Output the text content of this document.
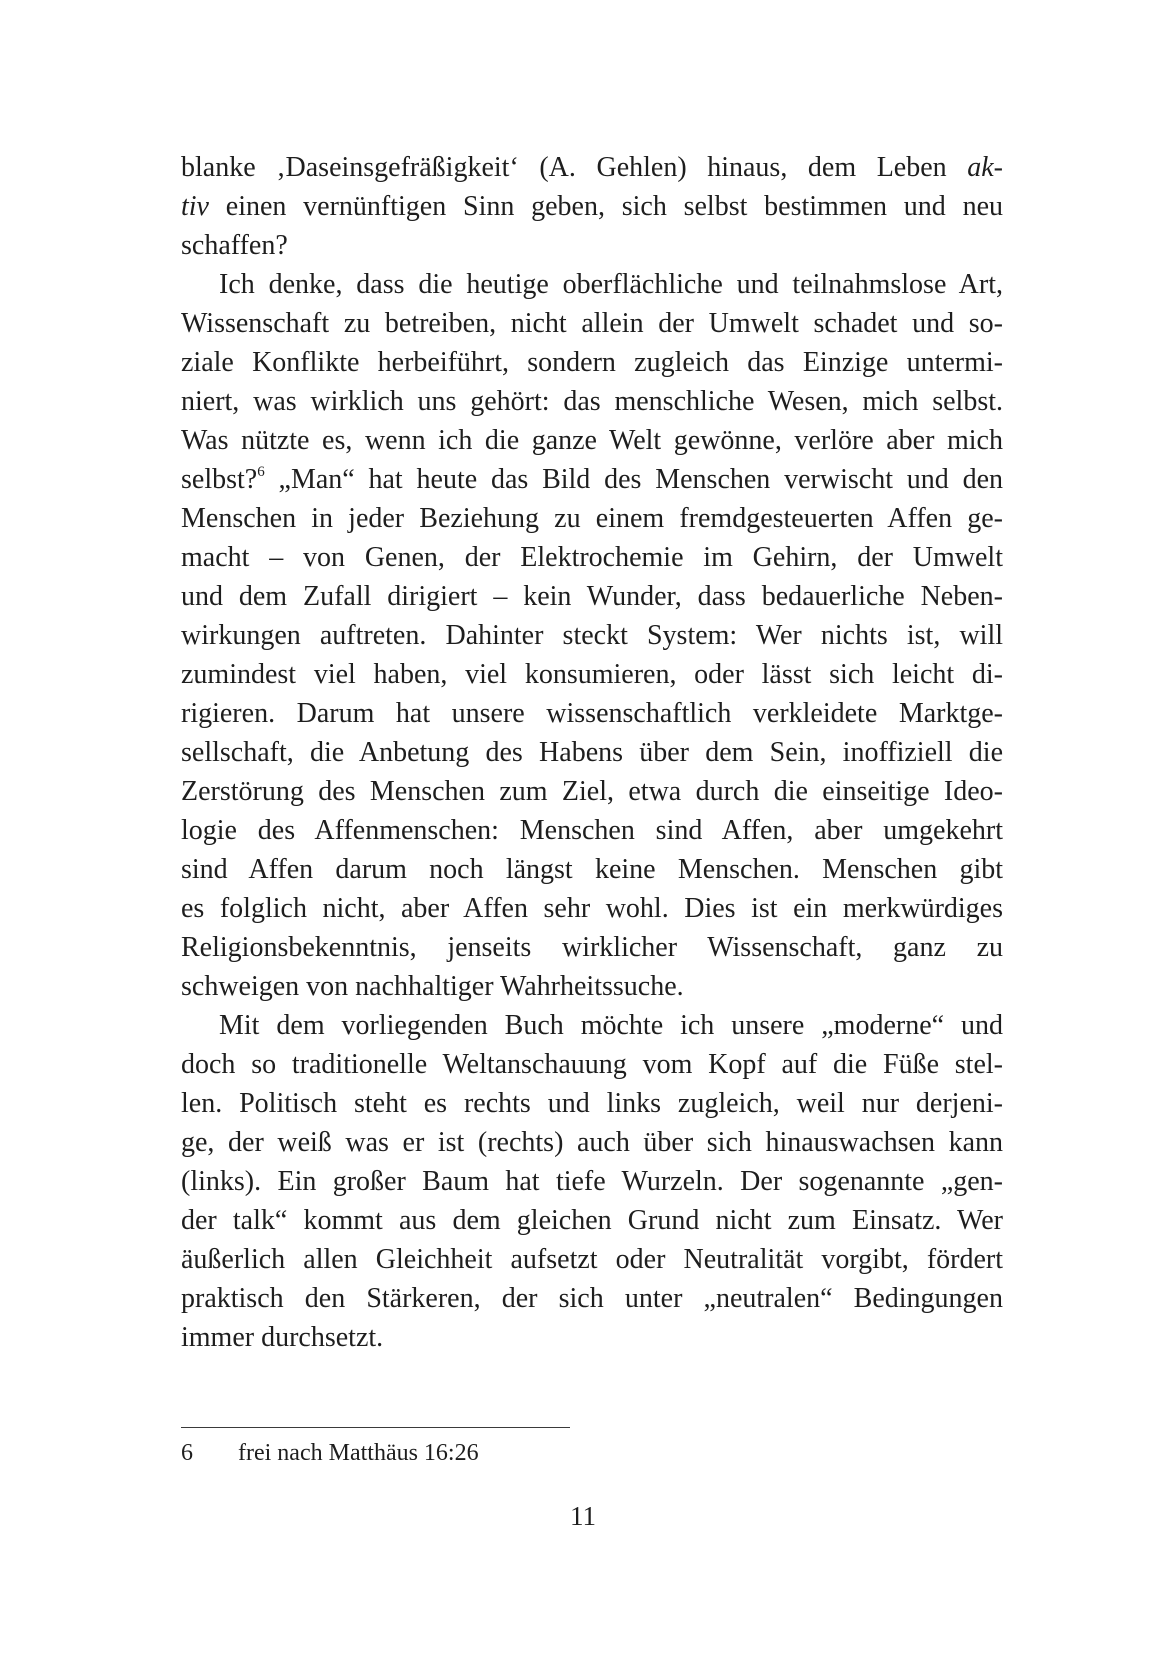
blanke ‚Daseinsgefräßigkeit‘ (A. Gehlen) hinaus, dem Leben ak-
tiv einen vernünftigen Sinn geben, sich selbst bestimmen und neu
schaffen?
Ich denke, dass die heutige oberflächliche und teilnahmslose Art,
Wissenschaft zu betreiben, nicht allein der Umwelt schadet und so-
ziale Konflikte herbeiführt, sondern zugleich das Einzige untermi-
niert, was wirklich uns gehört: das menschliche Wesen, mich selbst.
Was nützte es, wenn ich die ganze Welt gewönne, verlöre aber mich
selbst?$^6$ „Man“ hat heute das Bild des Menschen verwischt und den
Menschen in jeder Beziehung zu einem fremdgesteuerten Affen ge-
macht – von Genen, der Elektrochemie im Gehirn, der Umwelt
und dem Zufall dirigiert – kein Wunder, dass bedauerliche Neben-
wirkungen auftreten. Dahinter steckt System: Wer nichts ist, will
zumindest viel haben, viel konsumieren, oder lässt sich leicht di-
rigieren. Darum hat unsere wissenschaftlich verkleidete Marktge-
sellschaft, die Anbetung des Habens über dem Sein, inoffiziell die
Zerstörung des Menschen zum Ziel, etwa durch die einseitige Ideo-
logie des Affenmenschen: Menschen sind Affen, aber umgekehrt
sind Affen darum noch längst keine Menschen. Menschen gibt
es folglich nicht, aber Affen sehr wohl. Dies ist ein merkwürdiges
Religionsbekenntnis, jenseits wirklicher Wissenschaft, ganz zu
schweigen von nachhaltiger Wahrheitssuche.
Mit dem vorliegenden Buch möchte ich unsere „moderne“ und
doch so traditionelle Weltanschauung vom Kopf auf die Füße stel-
len. Politisch steht es rechts und links zugleich, weil nur derjeni-
ge, der weiß was er ist (rechts) auch über sich hinauswachsen kann
(links). Ein großer Baum hat tiefe Wurzeln. Der sogenannte „gen-
der talk“ kommt aus dem gleichen Grund nicht zum Einsatz. Wer
äußerlich allen Gleichheit aufsetzt oder Neutralität vorgibt, fördert
praktisch den Stärkeren, der sich unter „neutralen“ Bedingungen
immer durchsetzt.
6 frei nach Matthäus 16:26
11
